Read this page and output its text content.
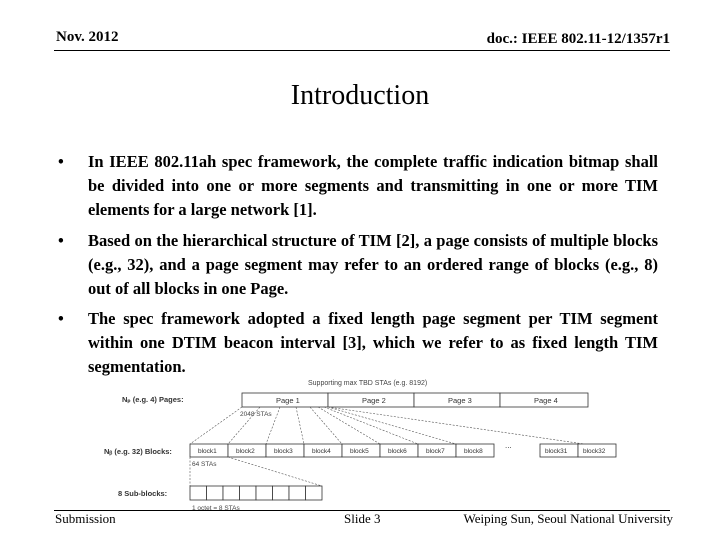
Nov. 2012	doc.: IEEE 802.11-12/1357r1
Introduction
• In IEEE 802.11ah spec framework, the complete traffic indication bitmap shall be divided into one or more segments and transmitting in one or more TIM elements for a large network [1].
• Based on the hierarchical structure of TIM [2], a page consists of multiple blocks (e.g., 32), and a page segment may refer to an ordered range of blocks (e.g., 8) out of all blocks in one Page.
• The spec framework adopted a fixed length page segment per TIM segment within one DTIM beacon interval [3], which we refer to as fixed length TIM segmentation.
Supporting max TBD STAs (e.g. 8192)
Nₚ (e.g. 4) Pages:	Page 1	Page 2	Page 3	Page 4
2048 STAs
Nᵦ (e.g. 32) Blocks:	block1	block2	block3	block4	block5	block6	block7	block8
...
block31 block32
64 STAs
8 Sub-blocks:
1 octet = 8 STAs
Submission	Slide 3	Weiping Sun, Seoul National University
